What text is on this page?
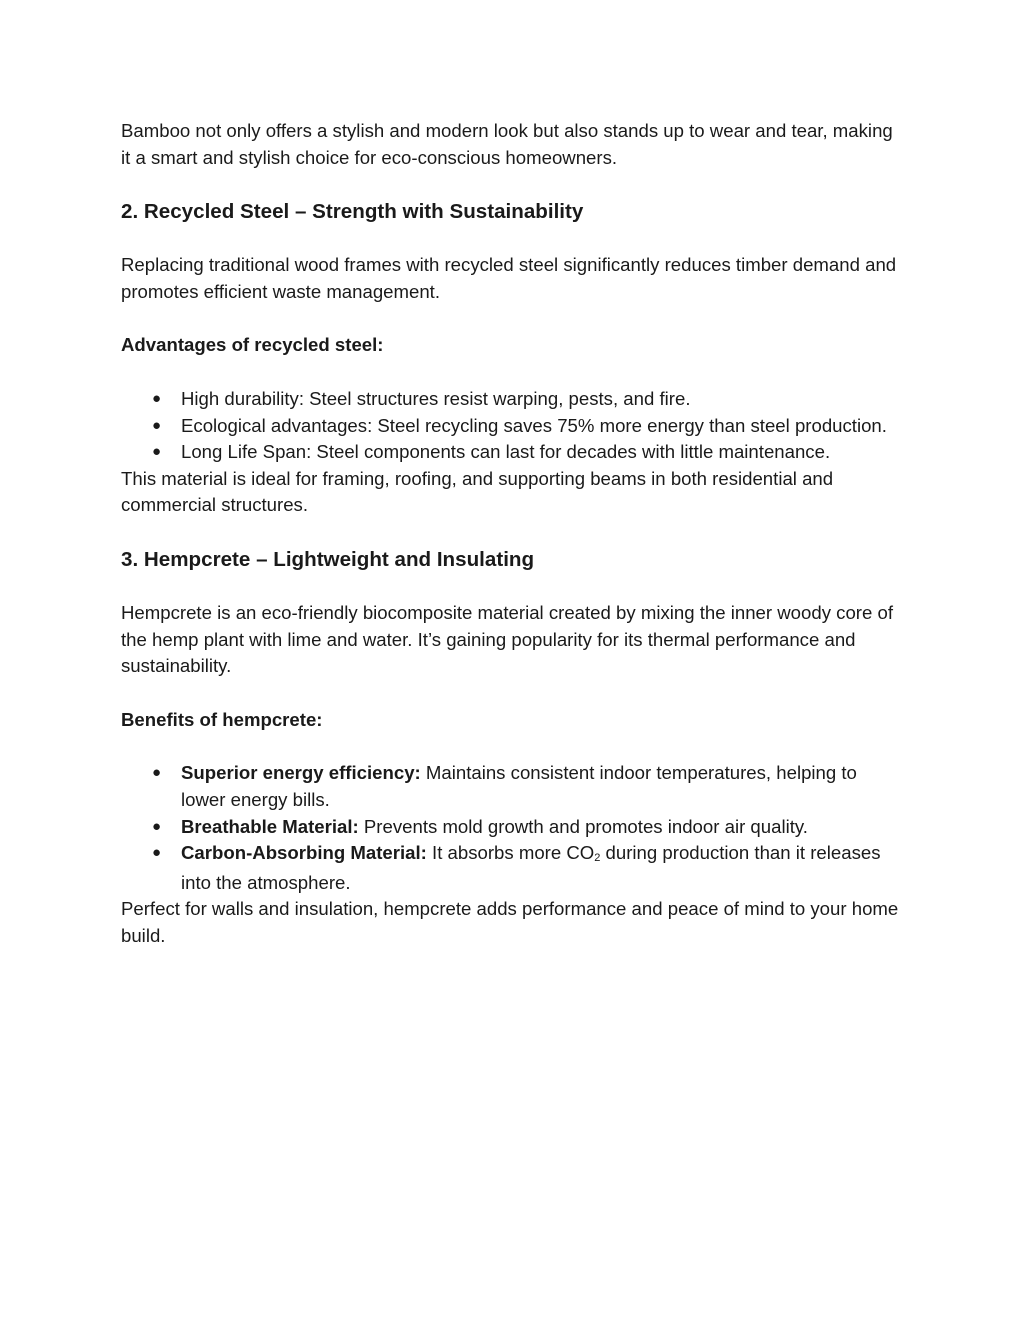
Bamboo not only offers a stylish and modern look but also stands up to wear and tear, making it a smart and stylish choice for eco-conscious homeowners.

2. Recycled Steel – Strength with Sustainability

Replacing traditional wood frames with recycled steel significantly reduces timber demand and promotes efficient waste management.

Advantages of recycled steel:

● High durability: Steel structures resist warping, pests, and fire.
● Ecological advantages: Steel recycling saves 75% more energy than steel production.
● Long Life Span: Steel components can last for decades with little maintenance.

This material is ideal for framing, roofing, and supporting beams in both residential and commercial structures.

3. Hempcrete – Lightweight and Insulating

Hempcrete is an eco-friendly biocomposite material created by mixing the inner woody core of the hemp plant with lime and water. It’s gaining popularity for its thermal performance and sustainability.

Benefits of hempcrete:

● Superior energy efficiency: Maintains consistent indoor temperatures, helping to lower energy bills.
● Breathable Material: Prevents mold growth and promotes indoor air quality.
● Carbon-Absorbing Material: It absorbs more $CO_2$ during production than it releases into the atmosphere.

Perfect for walls and insulation, hempcrete adds performance and peace of mind to your home build.
